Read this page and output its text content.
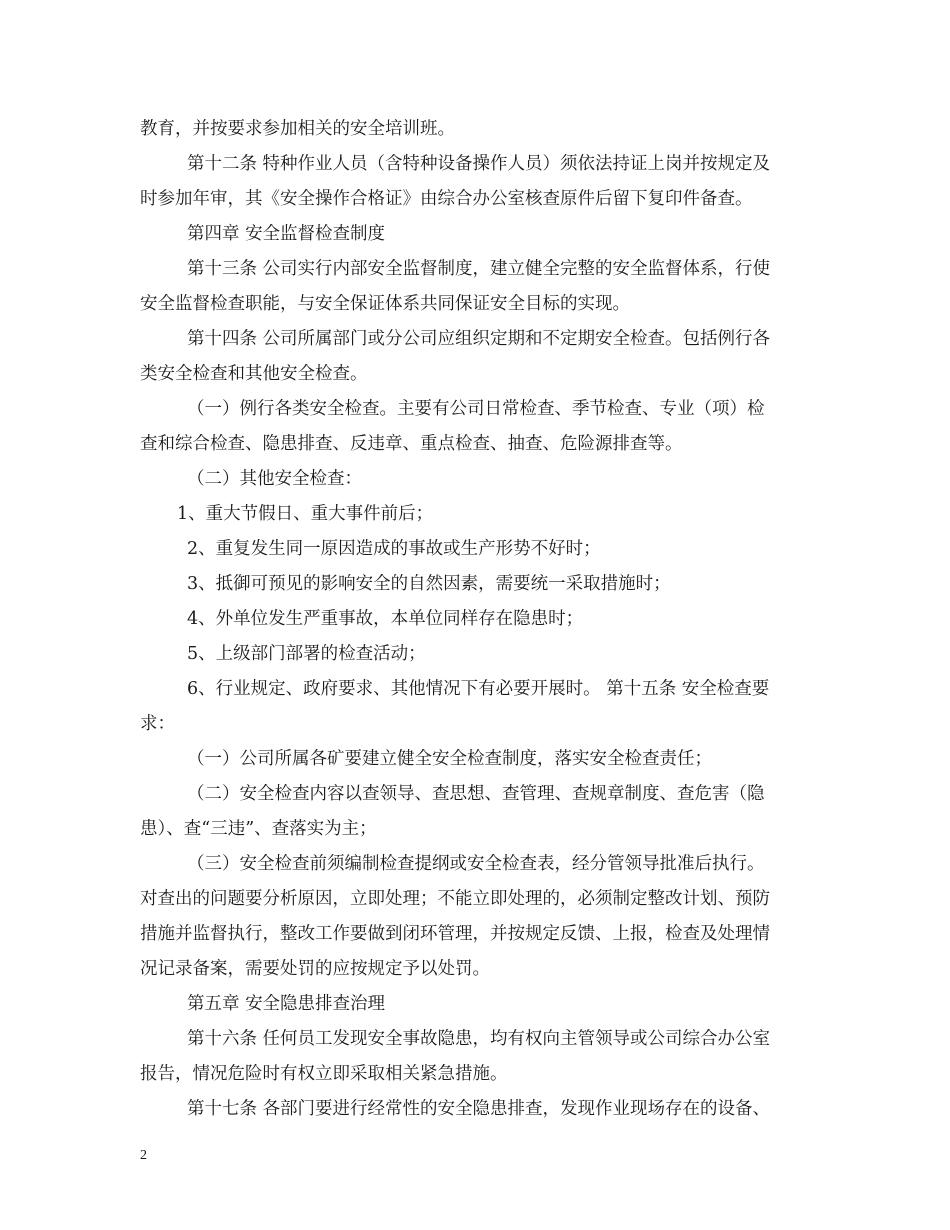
教育，并按要求参加相关的安全培训班。
第十二条 特种作业人员（含特种设备操作人员）须依法持证上岗并按规定及
时参加年审，其《安全操作合格证》由综合办公室核查原件后留下复印件备查。
第四章 安全监督检查制度
第十三条 公司实行内部安全监督制度，建立健全完整的安全监督体系，行使
安全监督检查职能，与安全保证体系共同保证安全目标的实现。
第十四条 公司所属部门或分公司应组织定期和不定期安全检查。包括例行各
类安全检查和其他安全检查。
（一）例行各类安全检查。主要有公司日常检查、季节检查、专业（项）检
查和综合检查、隐患排查、反违章、重点检查、抽查、危险源排查等。
（二）其他安全检查：
1、重大节假日、重大事件前后；
2、重复发生同一原因造成的事故或生产形势不好时；
3、抵御可预见的影响安全的自然因素，需要统一采取措施时；
4、外单位发生严重事故，本单位同样存在隐患时；
5、上级部门部署的检查活动；
6、行业规定、政府要求、其他情况下有必要开展时。 第十五条 安全检查要
求：
（一）公司所属各矿要建立健全安全检查制度，落实安全检查责任；
（二）安全检查内容以查领导、查思想、查管理、查规章制度、查危害（隐
患）、查“三违”、查落实为主；
（三）安全检查前须编制检查提纲或安全检查表，经分管领导批准后执行。
对查出的问题要分析原因，立即处理；不能立即处理的，必须制定整改计划、预防
措施并监督执行，整改工作要做到闭环管理，并按规定反馈、上报，检查及处理情
况记录备案，需要处罚的应按规定予以处罚。
第五章 安全隐患排查治理
第十六条 任何员工发现安全事故隐患，均有权向主管领导或公司综合办公室
报告，情况危险时有权立即采取相关紧急措施。
第十七条 各部门要进行经常性的安全隐患排查，发现作业现场存在的设备、
2
